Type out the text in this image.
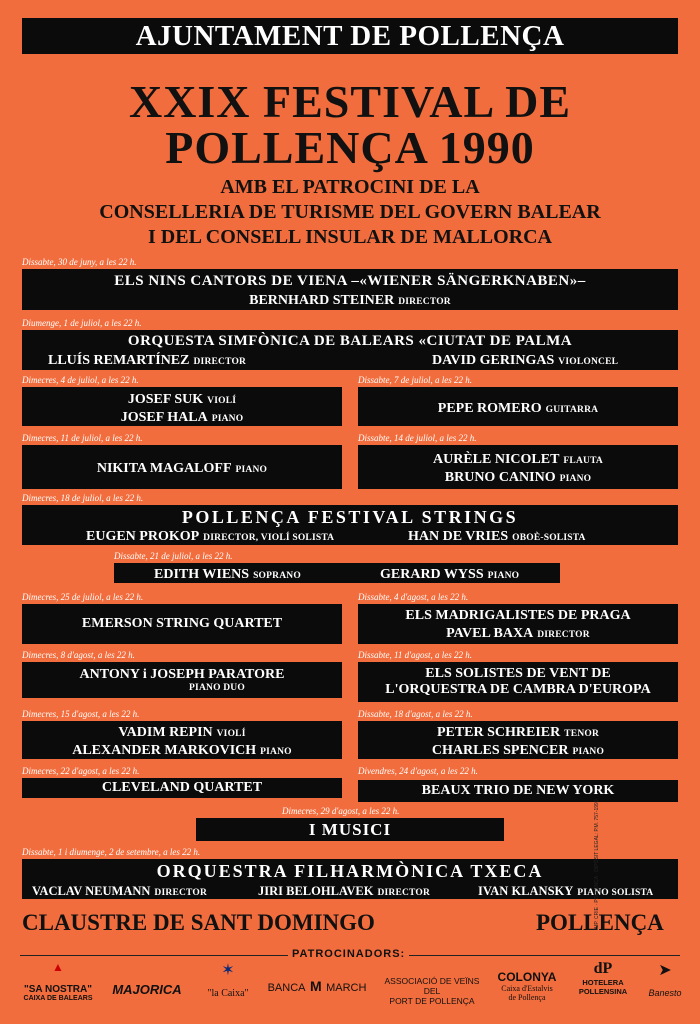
AJUNTAMENT DE POLLENÇA
XXIX FESTIVAL DE
POLLENÇA 1990
AMB EL PATROCINI DE LA
CONSELLERIA DE TURISME DEL GOVERN BALEAR
I DEL CONSELL INSULAR DE MALLORCA
Dissabte, 30 de juny, a les 22 h.
ELS NINS CANTORS DE VIENA –«WIENER SÄNGERKNABEN»–
BERNHARD STEINER DIRECTOR
Diumenge, 1 de juliol, a les 22 h.
ORQUESTA SIMFÒNICA DE BALEARS «CIUTAT DE PALMA
LLUÍS REMARTÍNEZ DIRECTOR	DAVID GERINGAS VIOLONCEL
Dimecres, 4 de juliol, a les 22 h.
JOSEF SUK VIOLÍ
JOSEF HALA PIANO
Dissabte, 7 de juliol, a les 22 h.
PEPE ROMERO GUITARRA
Dimecres, 11 de juliol, a les 22 h.
NIKITA MAGALOFF PIANO
Dissabte, 14 de juliol, a les 22 h.
AURÈLE NICOLET FLAUTA
BRUNO CANINO PIANO
Dimecres, 18 de juliol, a les 22 h.
POLLENÇA FESTIVAL STRINGS
EUGEN PROKOP DIRECTOR, VIOLÍ SOLISTA	HAN DE VRIES OBOÈ-SOLISTA
Dissabte, 21 de juliol, a les 22 h.
EDITH WIENS SOPRANO	GERARD WYSS PIANO
Dimecres, 25 de juliol, a les 22 h.
EMERSON STRING QUARTET
Dissabte, 4 d'agost, a les 22 h.
ELS MADRIGALISTES DE PRAGA
PAVEL BAXA DIRECTOR
Dimecres, 8 d'agost, a les 22 h.
ANTONY i JOSEPH PARATORE
PIANO DUO
Dissabte, 11 d'agost, a les 22 h.
ELS SOLISTES DE VENT DE
L'ORQUESTRA DE CAMBRA D'EUROPA
Dimecres, 15 d'agost, a les 22 h.
VADIM REPIN VIOLÍ
ALEXANDER MARKOVICH PIANO
Dissabte, 18 d'agost, a les 22 h.
PETER SCHREIER TENOR
CHARLES SPENCER PIANO
Dimecres, 22 d'agost, a les 22 h.
CLEVELAND QUARTET
Divendres, 24 d'agost, a les 22 h.
BEAUX TRIO DE NEW YORK
Dimecres, 29 d'agost, a les 22 h.
I MUSICI
Dissabte, 1 i diumenge, 2 de setembre, a les 22 h.
ORQUESTRA FILHARMÒNICA TXECA
VACLAV NEUMANN DIRECTOR	JIRI BELOHLAVEK DIRECTOR	IVAN KLANSKY PIANO SOLISTA
CLAUSTRE DE SANT DOMINGO	POLLENÇA
PATROCINADORS:
▲
"SA NOSTRA"
CAIXA DE BALEARS
MAJORICA
✶
"la Caixa"	BANCA M MARCH
ASSOCIACIÓ DE VEÏNS
DEL
PORT DE POLLENÇA
COLONYA
Caixa d'Estalvis
de Pollença
dP
HOTELERA
POLLENSINA
➤
Banesto
IMP. CRIE · POLLENÇA · DIPÒSIT LEGAL: P.M. 757-1990
